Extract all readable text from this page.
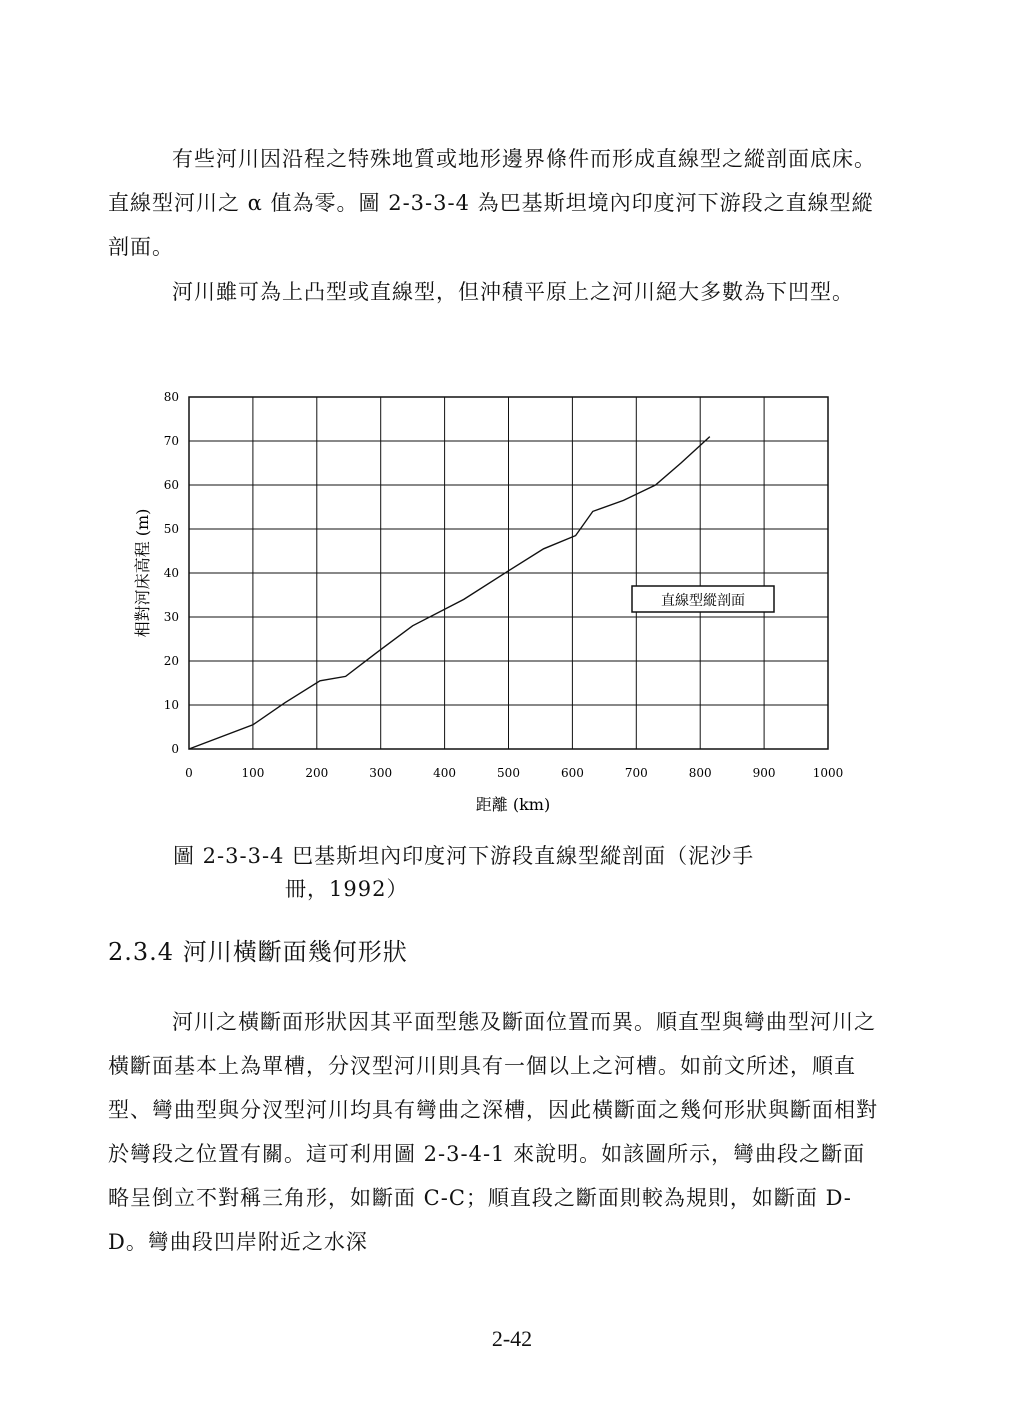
有些河川因沿程之特殊地質或地形邊界條件而形成直線型之縱剖面底床。直線型河川之 α 值為零。圖 2-3-3-4 為巴基斯坦境內印度河下游段之直線型縱剖面。

河川雖可為上凸型或直線型，但沖積平原上之河川絕大多數為下凹型。

0
10
20
30
40
50
60
70
80
0	100	200	300	400	500	600	700	800	900	1000
直線型縱剖面
距離 (km)
相對河床高程 (m)
圖 2-3-3-4 巴基斯坦內印度河下游段直線型縱剖面（泥沙手
冊，1992）
2.3.4 河川橫斷面幾何形狀

河川之橫斷面形狀因其平面型態及斷面位置而異。順直型與彎曲型河川之橫斷面基本上為單槽，分汊型河川則具有一個以上之河槽。如前文所述，順直型、彎曲型與分汊型河川均具有彎曲之深槽，因此橫斷面之幾何形狀與斷面相對於彎段之位置有關。這可利用圖 2-3-4-1 來說明。如該圖所示，彎曲段之斷面略呈倒立不對稱三角形，如斷面 C-C；順直段之斷面則較為規則，如斷面 D-D。彎曲段凹岸附近之水深

2-42
